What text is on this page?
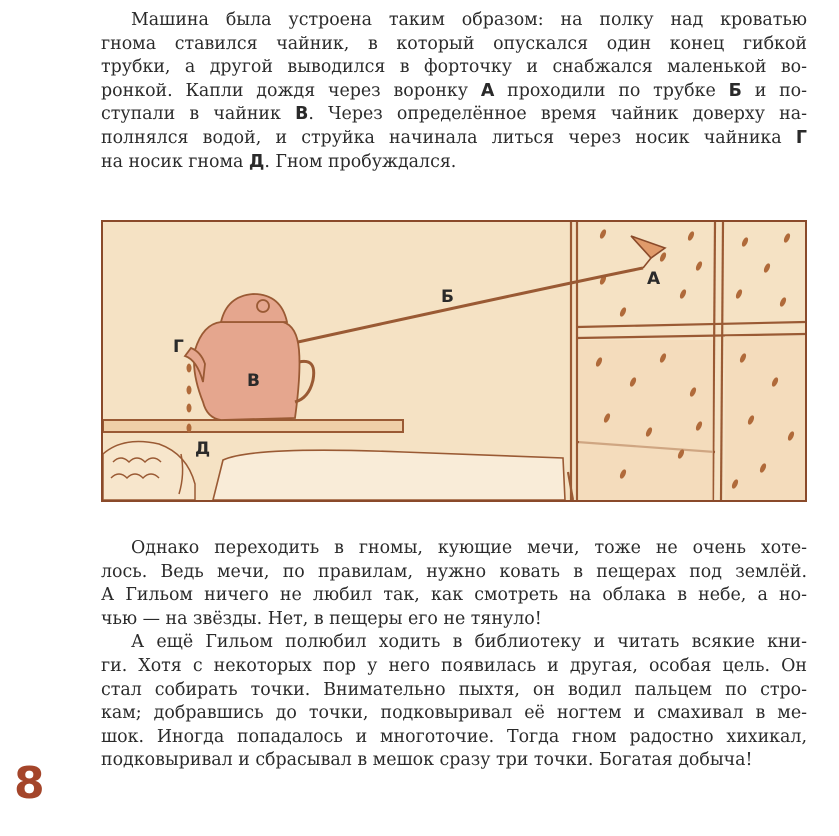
Машина была устроена таким образом: на полку над кроватью
гнома ставился чайник, в который опускался один конец гибкой
трубки, а другой выводился в форточку и снабжался маленькой во-
ронкой. Капли дождя через воронку А проходили по трубке Б и по-
ступали в чайник В. Через определённое время чайник доверху на-
полнялся водой, и струйка начинала литься через носик чайника Г
на носик гнома Д. Гном пробуждался.
А
Б
В
Г
Д
Однако переходить в гномы, кующие мечи, тоже не очень хоте-
лось. Ведь мечи, по правилам, нужно ковать в пещерах под землёй.
А Гильом ничего не любил так, как смотреть на облака в небе, а но-
чью — на звёзды. Нет, в пещеры его не тянуло!
А ещё Гильом полюбил ходить в библиотеку и читать всякие кни-
ги. Хотя с некоторых пор у него появилась и другая, особая цель. Он
стал собирать точки. Внимательно пыхтя, он водил пальцем по стро-
кам; добравшись до точки, подковыривал её ногтем и смахивал в ме-
шок. Иногда попадалось и многоточие. Тогда гном радостно хихикал,
подковыривал и сбрасывал в мешок сразу три точки. Богатая добыча!
8
